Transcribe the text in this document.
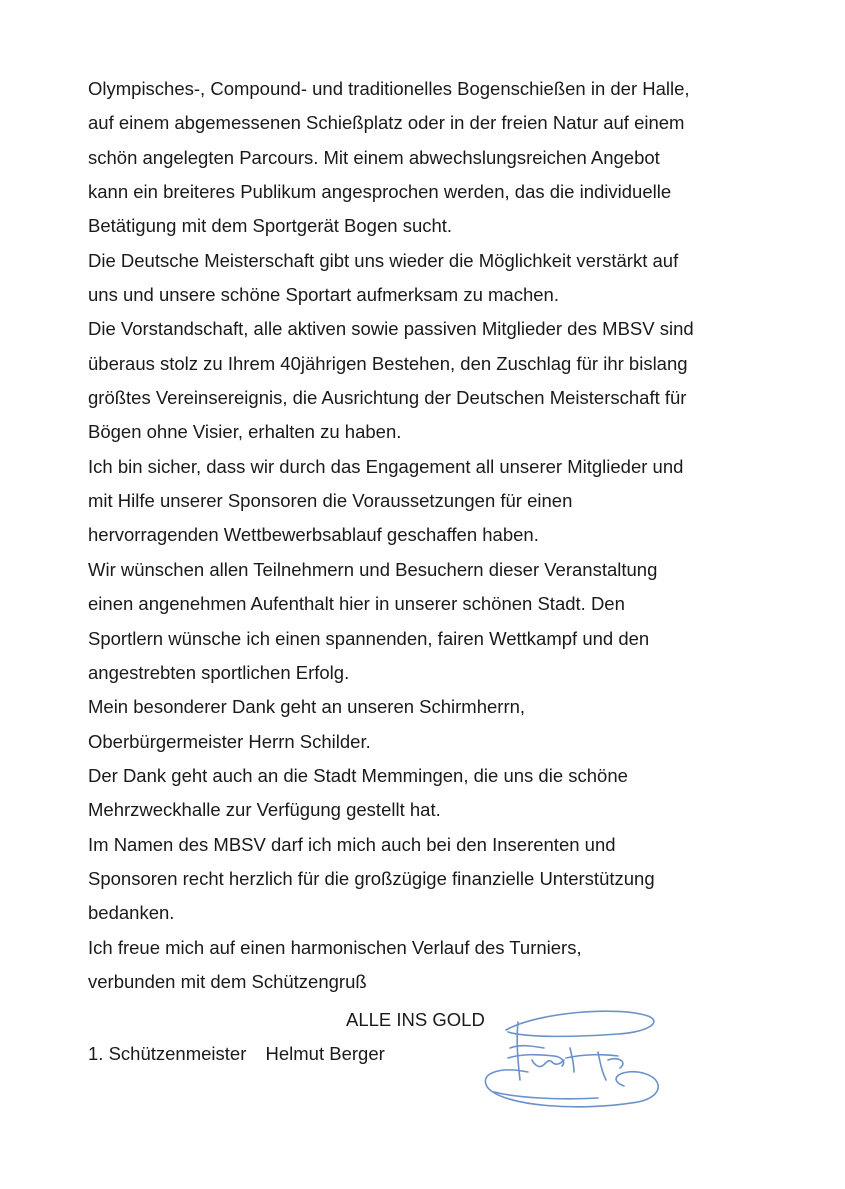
Olympisches-, Compound- und traditionelles Bogenschießen in der Halle,

auf einem abgemessenen Schießplatz oder in der freien Natur auf einem

schön angelegten Parcours. Mit einem abwechslungsreichen Angebot

kann ein breiteres Publikum angesprochen werden, das die individuelle

Betätigung mit dem Sportgerät Bogen sucht.

Die Deutsche Meisterschaft gibt uns wieder die Möglichkeit verstärkt auf

uns und unsere schöne Sportart aufmerksam zu machen.

Die Vorstandschaft, alle aktiven sowie passiven Mitglieder des MBSV sind

überaus stolz zu Ihrem 40jährigen Bestehen, den Zuschlag für ihr bislang

größtes Vereinsereignis, die Ausrichtung der Deutschen Meisterschaft für

Bögen ohne Visier, erhalten zu haben.

Ich bin sicher, dass wir durch das Engagement all unserer Mitglieder und

mit Hilfe unserer Sponsoren die Voraussetzungen für einen

hervorragenden Wettbewerbsablauf geschaffen haben.

Wir wünschen allen Teilnehmern und Besuchern dieser Veranstaltung

einen angenehmen Aufenthalt hier in unserer schönen Stadt. Den

Sportlern wünsche ich einen spannenden, fairen Wettkampf und den

angestrebten sportlichen Erfolg.

Mein besonderer Dank geht an unseren Schirmherrn,

Oberbürgermeister Herrn Schilder.

Der Dank geht auch an die Stadt Memmingen, die uns die schöne

Mehrzweckhalle zur Verfügung gestellt hat.

Im Namen des MBSV darf ich mich auch bei den Inserenten und

Sponsoren recht herzlich für die großzügige finanzielle Unterstützung

bedanken.

Ich freue mich auf einen harmonischen Verlauf des Turniers,

verbunden mit dem Schützengruß

ALLE INS GOLD
1. Schützenmeister Helmut Berger
